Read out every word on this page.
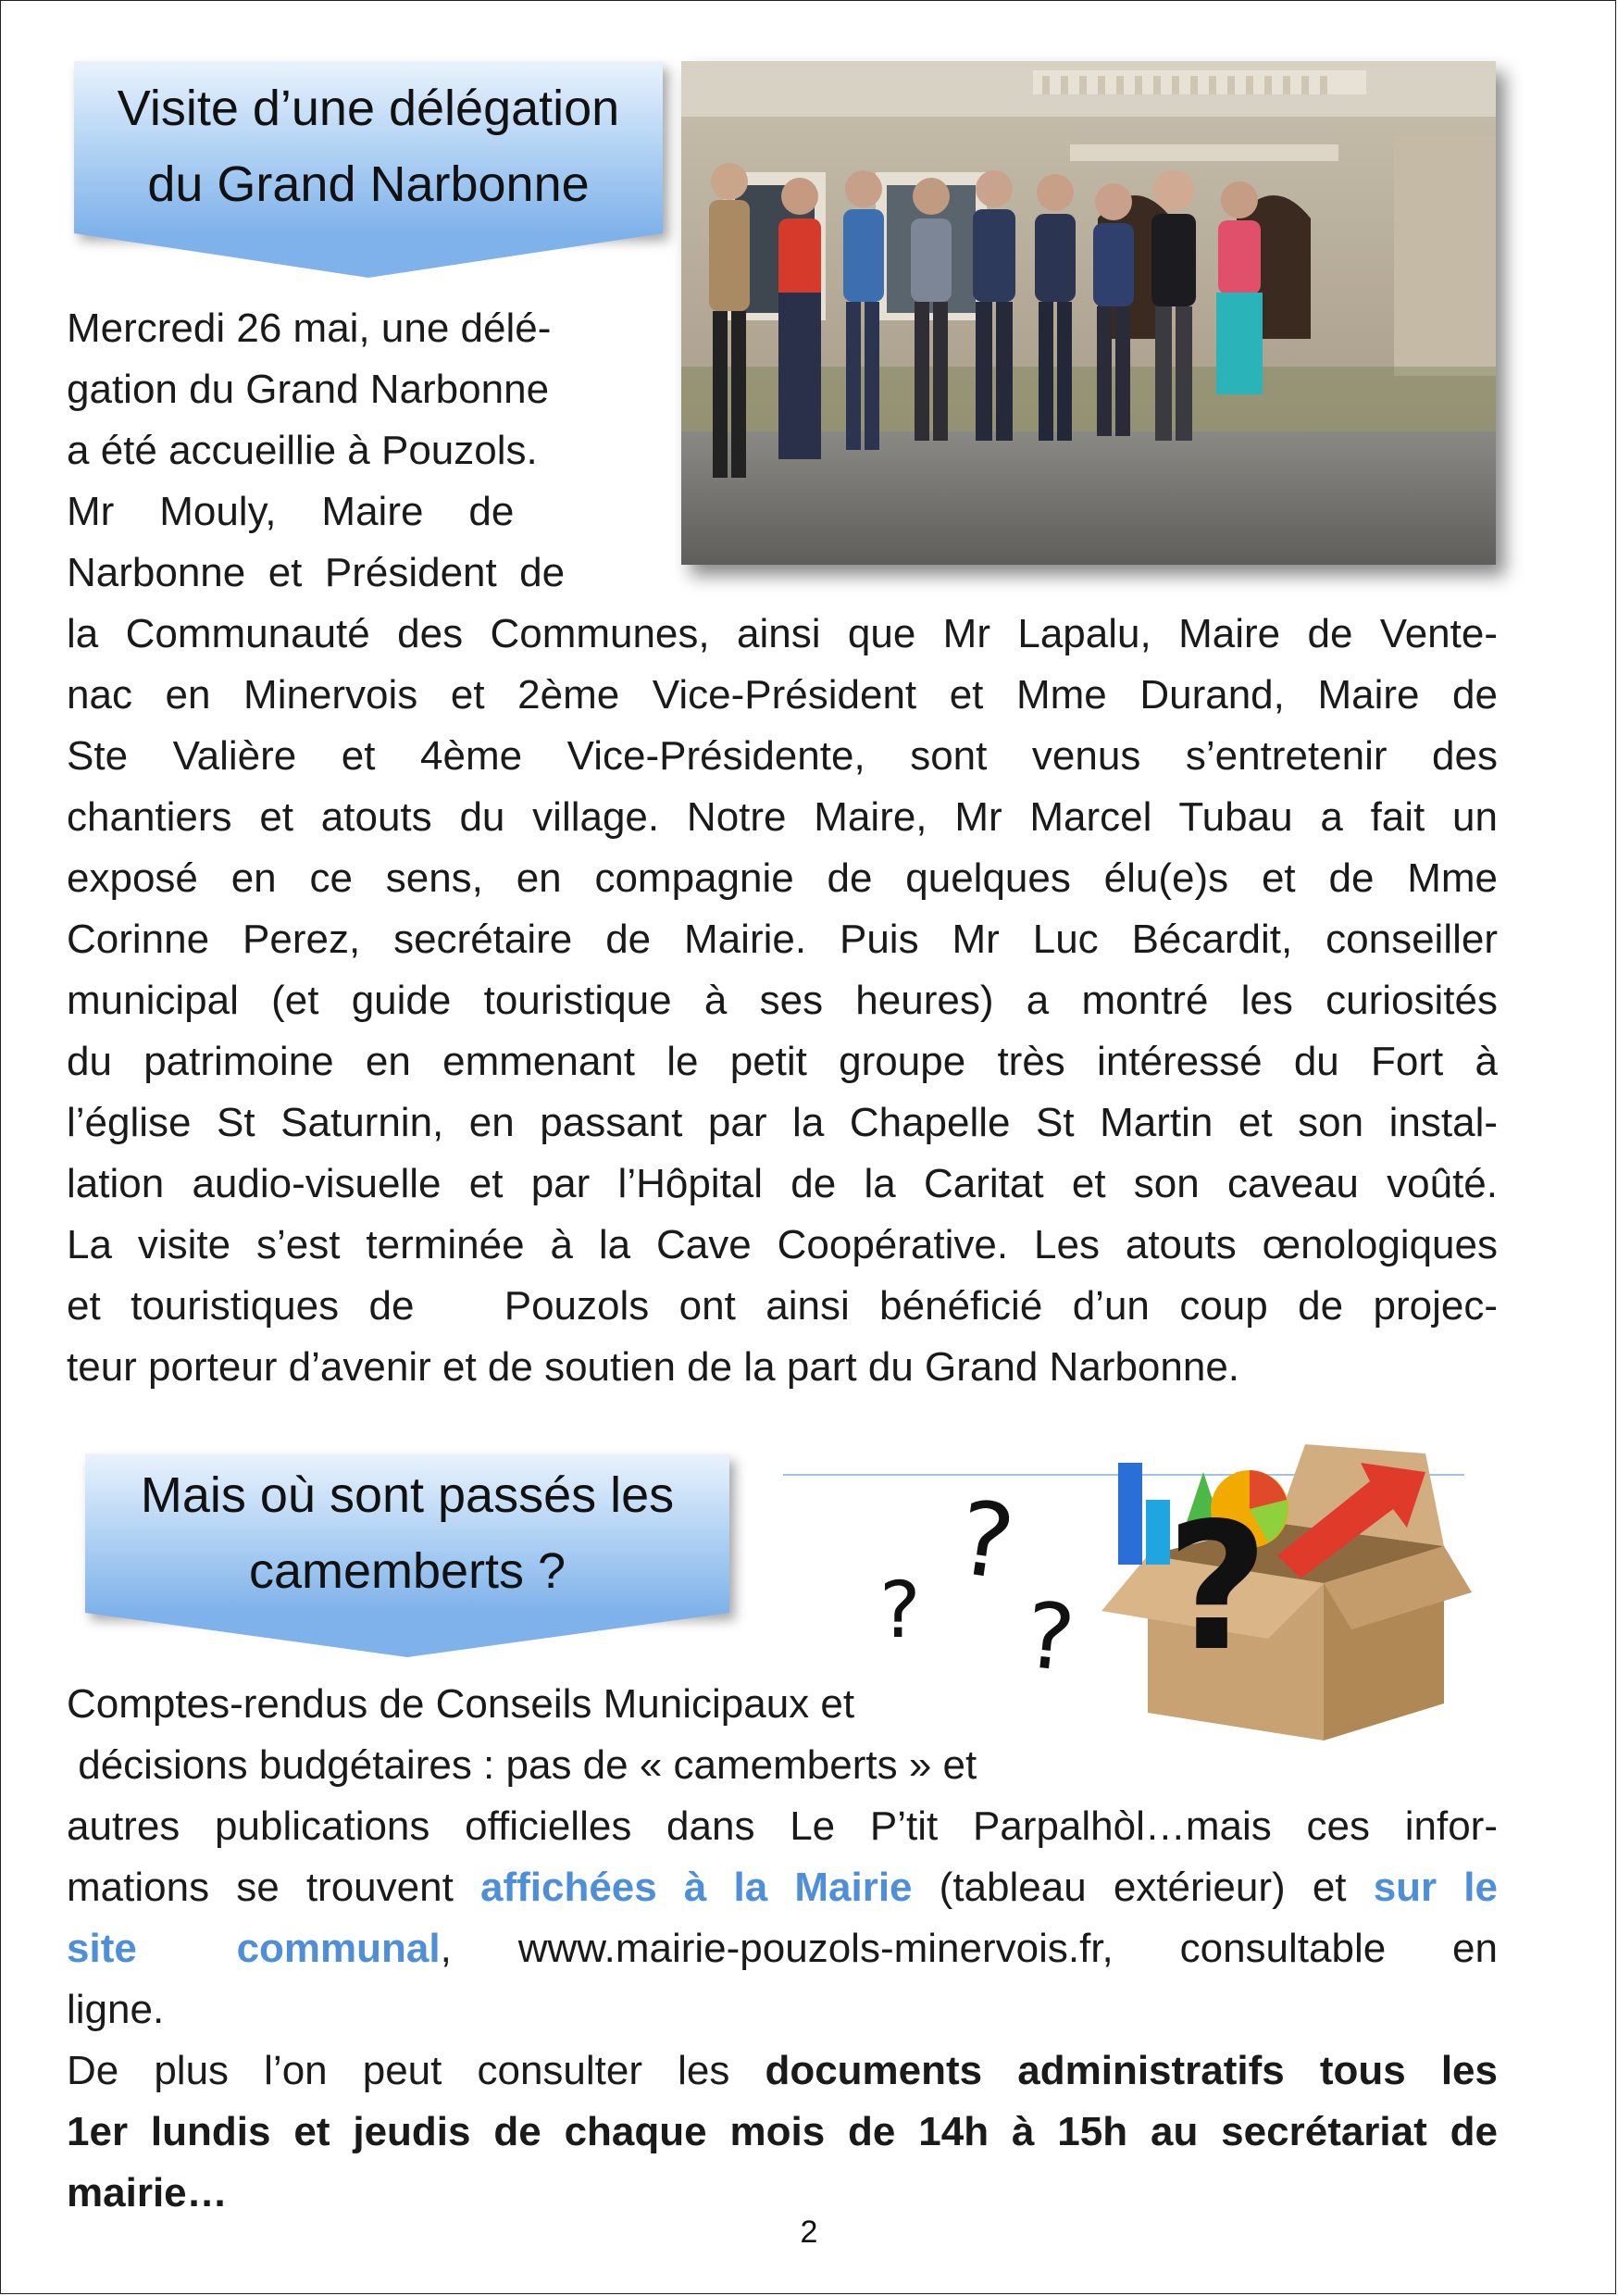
Visite d’une délégation
du Grand Narbonne
Mercredi 26 mai, une délé-
gation du Grand Narbonne
a été accueillie à Pouzols.
Mr    Mouly,    Maire    de
Narbonne  et  Président  de
la Communauté des Communes, ainsi que Mr Lapalu, Maire de Vente-
nac en Minervois et 2ème Vice-Président et Mme Durand, Maire de
Ste Valière et 4ème Vice-Présidente, sont venus s’entretenir des
chantiers et atouts du village. Notre Maire, Mr Marcel Tubau a fait un
exposé en ce sens, en compagnie de quelques élu(e)s et de Mme
Corinne Perez, secrétaire de Mairie. Puis Mr Luc Bécardit, conseiller
municipal (et guide touristique à ses heures) a montré les curiosités
du patrimoine en emmenant le petit groupe très intéressé du Fort à
l’église St Saturnin, en passant par la Chapelle St Martin et son instal-
lation audio-visuelle et par l’Hôpital de la Caritat et son caveau voûté.
La visite s’est terminée à la Cave Coopérative. Les atouts œnologiques
et touristiques de   Pouzols ont ainsi bénéficié d’un coup de projec-
teur porteur d’avenir et de soutien de la part du Grand Narbonne.
Mais où sont passés les
camemberts ?	?
? ? ?
Comptes-rendus de Conseils Municipaux et
décisions budgétaires : pas de « camemberts » et
autres publications officielles dans Le P’tit Parpalhòl…mais ces infor-
mations se trouvent affichées à la Mairie (tableau extérieur) et sur le
site   communal,  www.mairie-pouzols-minervois.fr,  consultable  en
ligne.
De  plus  l’on  peut  consulter  les  documents  administratifs  tous  les
1er lundis et jeudis de chaque mois de 14h à 15h au secrétariat de
mairie…
2
